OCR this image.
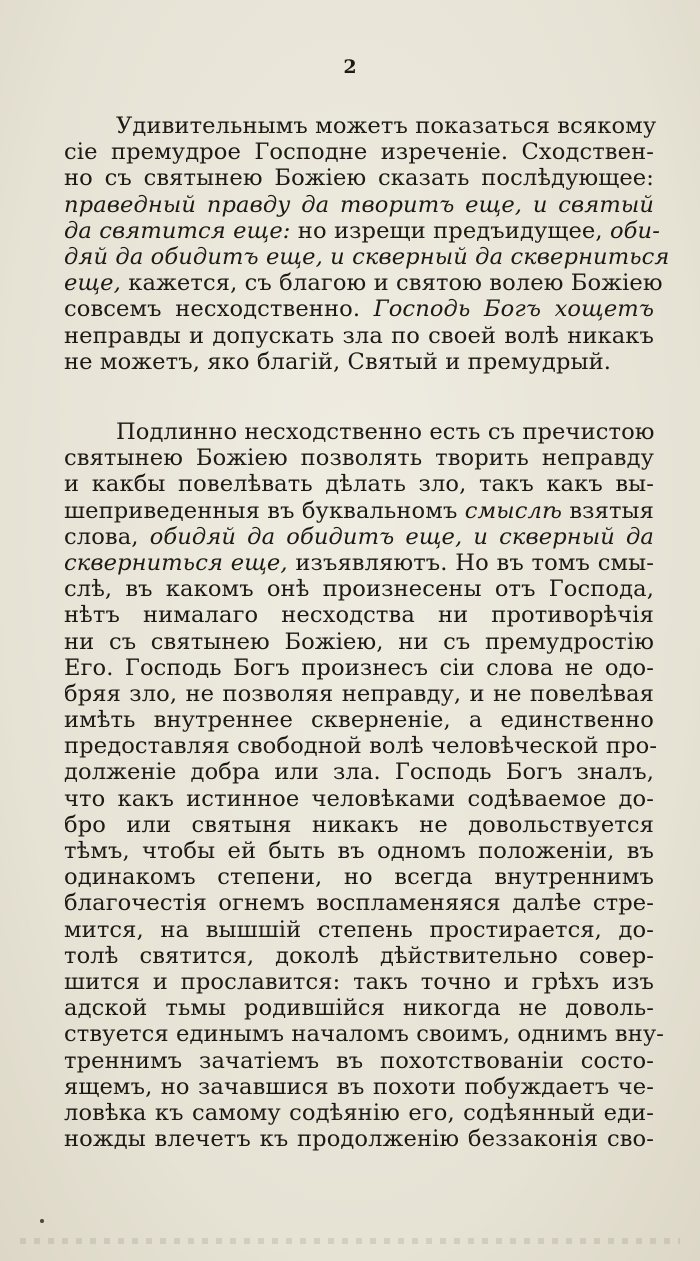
2
Удивительнымъ можетъ показаться всякому
сіе премудрое Господне изреченіе. Сходствен-
но съ святынею Божіею сказать послѣдующее:
праведный правду да творитъ еще, и святый
да святится еще: но изрещи предъидущее, оби-
дяй да обидитъ еще, и скверный да скверниться
еще, кажется, съ благою и святою волею Божіею
совсемъ несходственно. Господь Богъ хощетъ
неправды и допускать зла по своей волѣ никакъ
не можетъ, яко благій, Святый и премудрый.
Подлинно несходственно есть съ пречистою
святынею Божіею позволять творить неправду
и какбы повелѣвать дѣлать зло, такъ какъ вы-
шеприведенныя въ буквальномъ смыслѣ взятыя
слова, обидяй да обидитъ еще, и скверный да
скверниться еще, изъявляютъ. Но въ томъ смы-
слѣ, въ какомъ онѣ произнесены отъ Господа,
нѣтъ нималаго несходства ни противорѣчія
ни съ святынею Божіею, ни съ премудростію
Его. Господь Богъ произнесъ сіи слова не одо-
бряя зло, не позволяя неправду, и не повелѣвая
имѣть внутреннее скверненіе, а единственно
предоставляя свободной волѣ человѣческой про-
долженіе добра или зла. Господь Богъ зналъ,
что какъ истинное человѣками содѣваемое до-
бро или святыня никакъ не довольствуется
тѣмъ, чтобы ей быть въ одномъ положеніи, въ
одинакомъ степени, но всегда внутреннимъ
благочестія огнемъ воспламеняяся далѣе стре-
мится, на вышшій степень простирается, до-
толѣ святится, доколѣ дѣйствительно совер-
шится и прославится: такъ точно и грѣхъ изъ
адской тьмы родившійся никогда не доволь-
ствуется единымъ началомъ своимъ, однимъ вну-
треннимъ зачатіемъ въ похотствованіи состо-
ящемъ, но зачавшися въ похоти побуждаетъ че-
ловѣка къ самому содѣянію его, содѣянный еди-
ножды влечетъ къ продолженію беззаконія сво-
